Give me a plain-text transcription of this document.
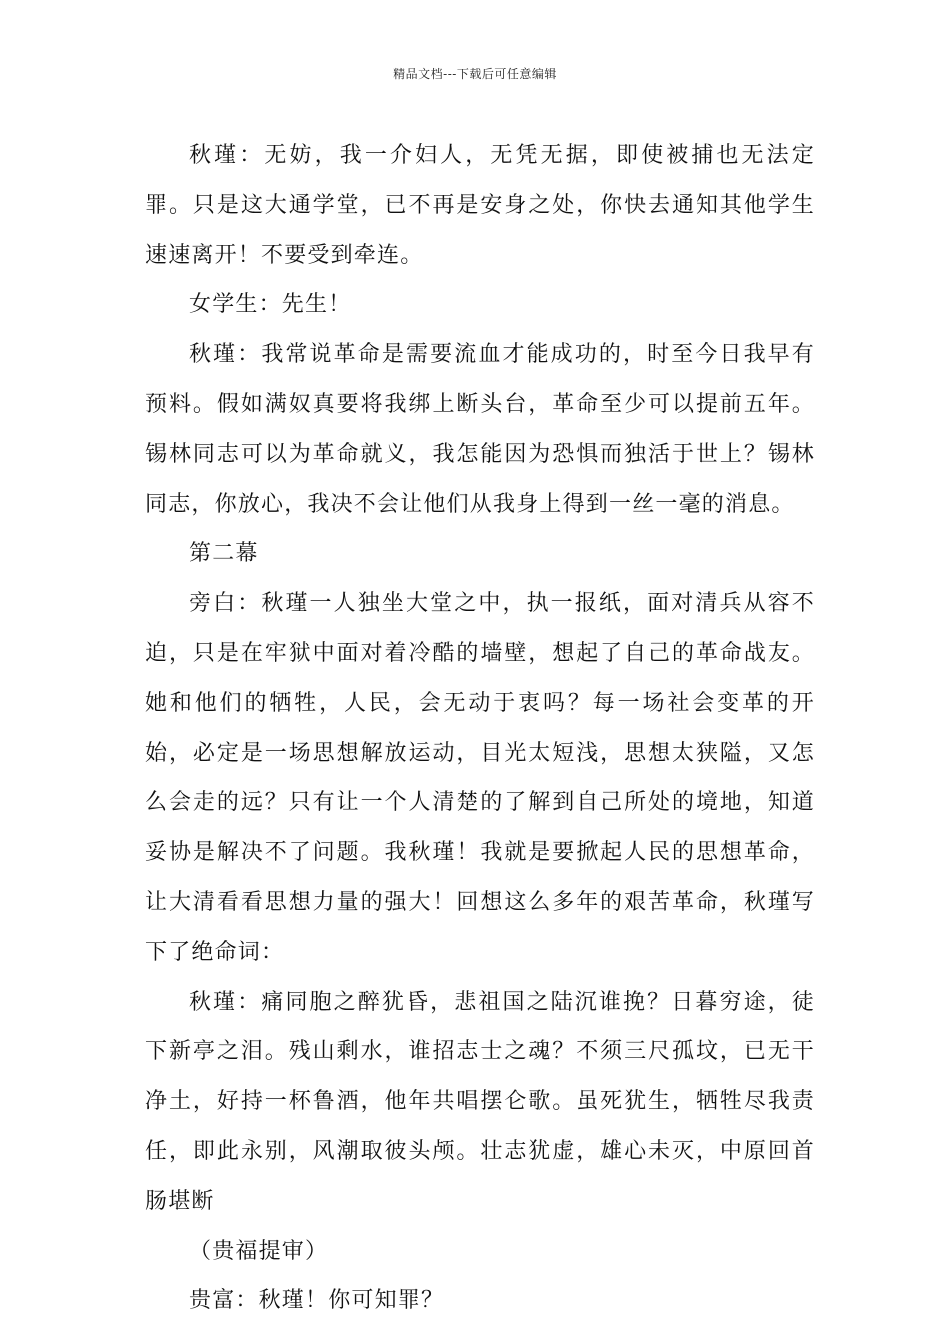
精品文档---下载后可任意编辑

秋瑾：无妨，我一介妇人，无凭无据，即使被捕也无法定罪。只是这大通学堂，已不再是安身之处，你快去通知其他学生速速离开！不要受到牵连。

女学生：先生！

秋瑾：我常说革命是需要流血才能成功的，时至今日我早有预料。假如满奴真要将我绑上断头台，革命至少可以提前五年。锡林同志可以为革命就义，我怎能因为恐惧而独活于世上？锡林同志，你放心，我决不会让他们从我身上得到一丝一毫的消息。

第二幕

旁白：秋瑾一人独坐大堂之中，执一报纸，面对清兵从容不迫，只是在牢狱中面对着冷酷的墙壁，想起了自己的革命战友。她和他们的牺牲，人民，会无动于衷吗？每一场社会变革的开始，必定是一场思想解放运动，目光太短浅，思想太狭隘，又怎么会走的远？只有让一个人清楚的了解到自己所处的境地，知道妥协是解决不了问题。我秋瑾！我就是要掀起人民的思想革命，让大清看看思想力量的强大！回想这么多年的艰苦革命，秋瑾写下了绝命词：

秋瑾：痛同胞之醉犹昏，悲祖国之陆沉谁挽？日暮穷途，徒下新亭之泪。残山剩水，谁招志士之魂？不须三尺孤坟，已无干净土，好持一杯鲁酒，他年共唱摆仑歌。虽死犹生，牺牲尽我责任，即此永别，风潮取彼头颅。壮志犹虚，雄心未灭，中原回首肠堪断

（贵福提审）

贵富：秋瑾！你可知罪？
